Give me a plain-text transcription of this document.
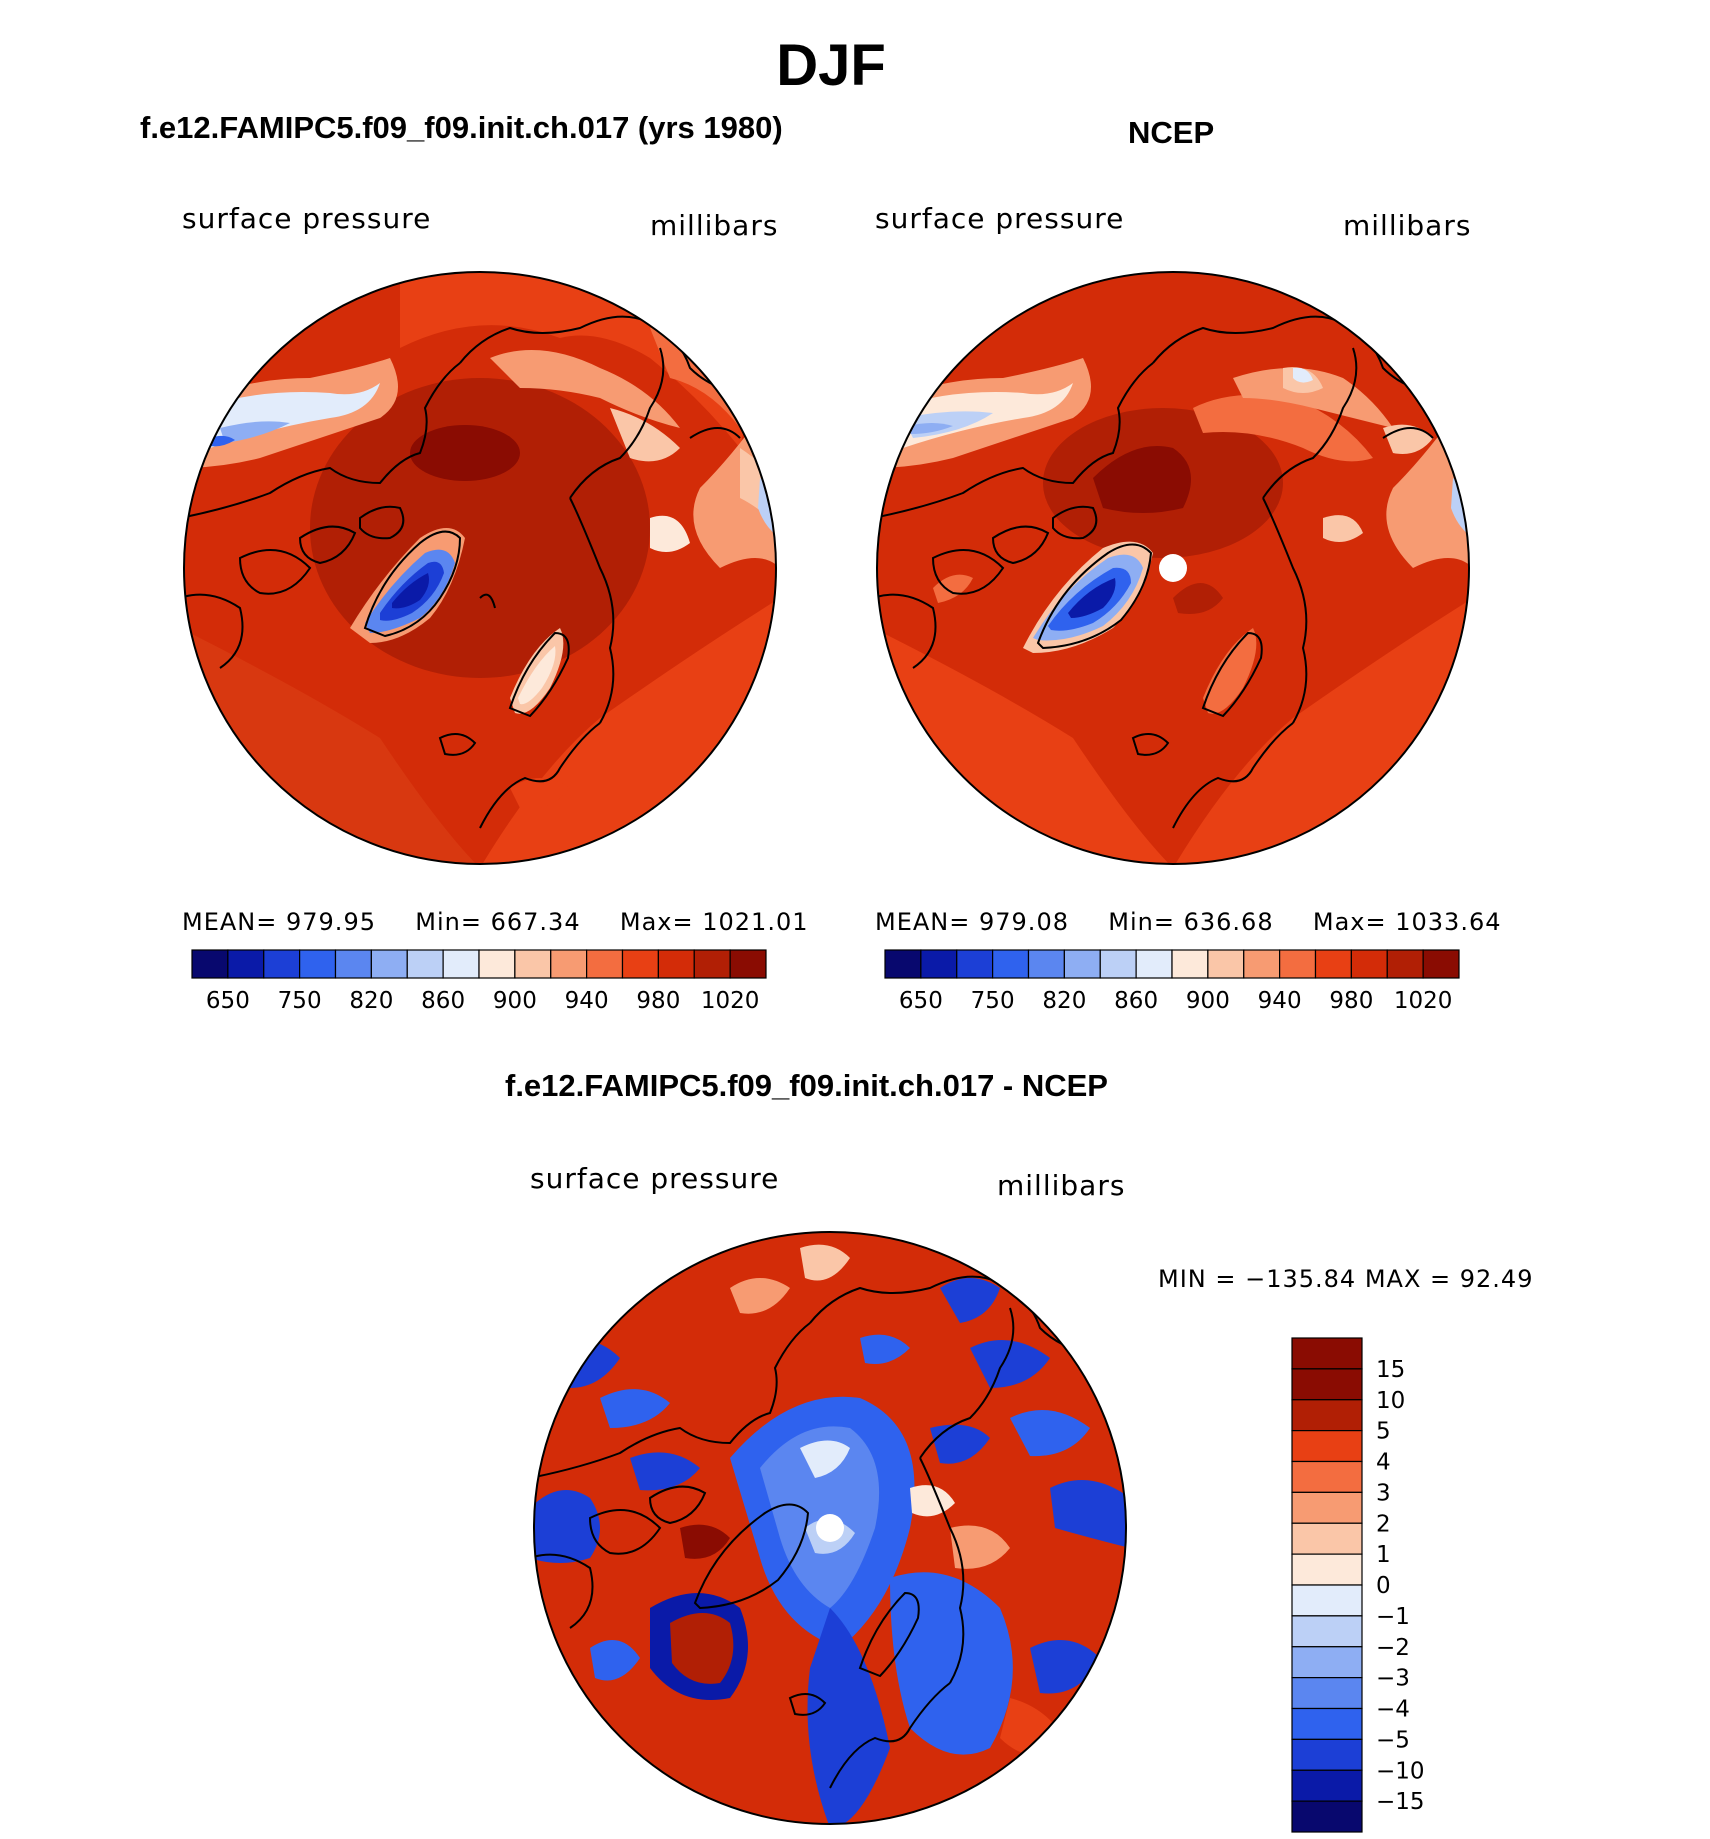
DJF
f.e12.FAMIPC5.f09_f09.init.ch.017 (yrs 1980)
surface pressure	millibars
MEAN= 979.95 Min= 667.34 Max= 1021.01
650 750 820 860 900 940 980 1020
NCEP
surface pressure	millibars
MEAN= 979.08 Min= 636.68 Max= 1033.64
650 750 820 860 900 940 980 1020
f.e12.FAMIPC5.f09_f09.init.ch.017 - NCEP
surface pressure	millibars
MIN = −135.84 MAX = 92.49
15
10
5
4
3
2
1
0
−1
−2
−3
−4
−5
−10
−15
